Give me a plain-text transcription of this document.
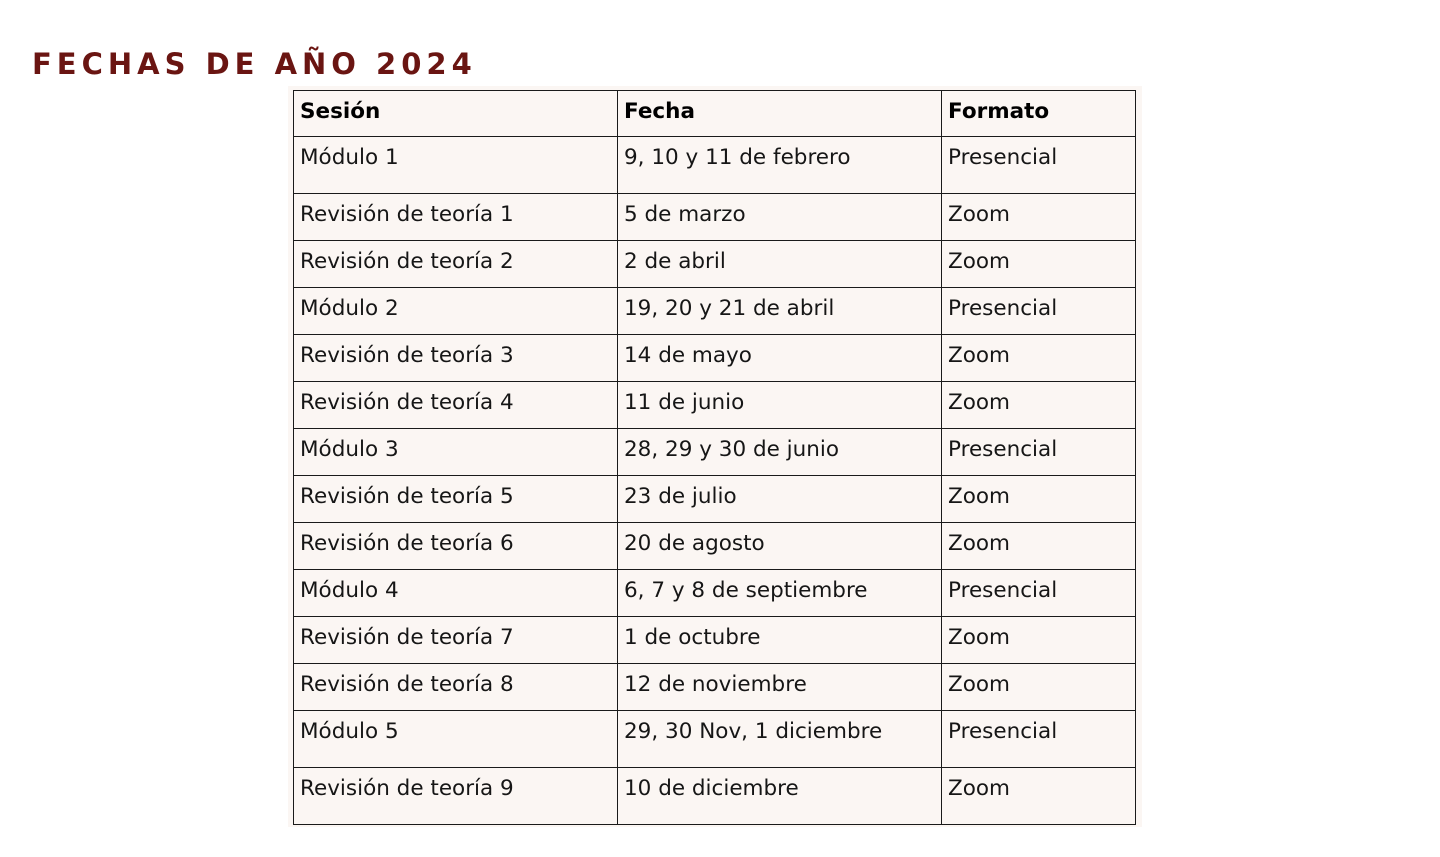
FECHAS DE AÑO 2024
Sesión	Fecha	Formato
Módulo 1	9, 10 y 11 de febrero	Presencial
Revisión de teoría 1	5 de marzo	Zoom
Revisión de teoría 2	2 de abril	Zoom
Módulo 2	19, 20 y 21 de abril	Presencial
Revisión de teoría 3	14 de mayo	Zoom
Revisión de teoría 4	11 de junio	Zoom
Módulo 3	28, 29 y 30 de junio	Presencial
Revisión de teoría 5	23 de julio	Zoom
Revisión de teoría 6	20 de agosto	Zoom
Módulo 4	6, 7 y 8 de septiembre	Presencial
Revisión de teoría 7	1 de octubre	Zoom
Revisión de teoría 8	12 de noviembre	Zoom
Módulo 5	29, 30 Nov, 1 diciembre	Presencial
Revisión de teoría 9	10 de diciembre	Zoom
